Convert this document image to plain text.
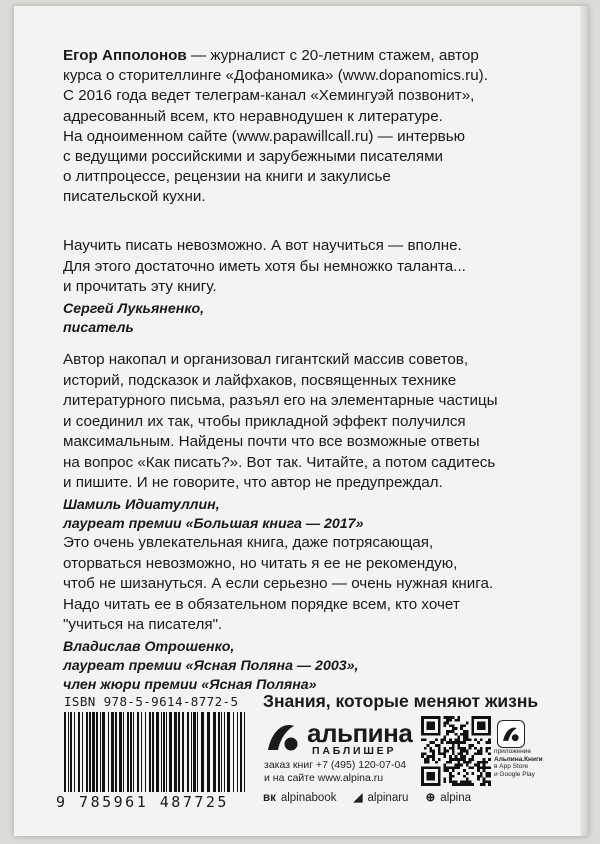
Егор Апполонов — журналист с 20-летним стажем, автор

курса о сторителлинге «Дофаномика» (www.dopanomics.ru).

С 2016 года ведет телеграм-канал «Хемингуэй позвонит»,

адресованный всем, кто неравнодушен к литературе.

На одноименном сайте (www.papawillcall.ru) — интервью

с ведущими российскими и зарубежными писателями

о литпроцессе, рецензии на книги и закулисье

писательской кухни.

Научить писать невозможно. А вот научиться — вполне.

Для этого достаточно иметь хотя бы немножко таланта...

и прочитать эту книгу.

Сергей Лукьяненко,

писатель

Автор накопал и организовал гигантский массив советов,

историй, подсказок и лайфхаков, посвященных технике

литературного письма, разъял его на элементарные частицы

и соединил их так, чтобы прикладной эффект получился

максимальным. Найдены почти что все возможные ответы

на вопрос «Как писать?». Вот так. Читайте, а потом садитесь

и пишите. И не говорите, что автор не предупреждал.

Шамиль Идиатуллин,

лауреат премии «Большая книга — 2017»

Это очень увлекательная книга, даже потрясающая,

оторваться невозможно, но читать я ее не рекомендую,

чтоб не шизануться. А если серьезно — очень нужная книга.

Надо читать ее в обязательном порядке всем, кто хочет

"учиться на писателя".

Владислав Отрошенко,

лауреат премии «Ясная Поляна — 2003»,

член жюри премии «Ясная Поляна»

ISBN 978-5-9614-8772-5
9 785961 487725
Знания, которые меняют жизнь
альпина
ПАБЛИШЕР
заказ книг +7 (495) 120-07-04
и на сайте www.alpina.ru
приложение
Альпина.Книги
в App Store
и Google Play
вк alpinabook ◢ alpinaru ⊕ alpina
